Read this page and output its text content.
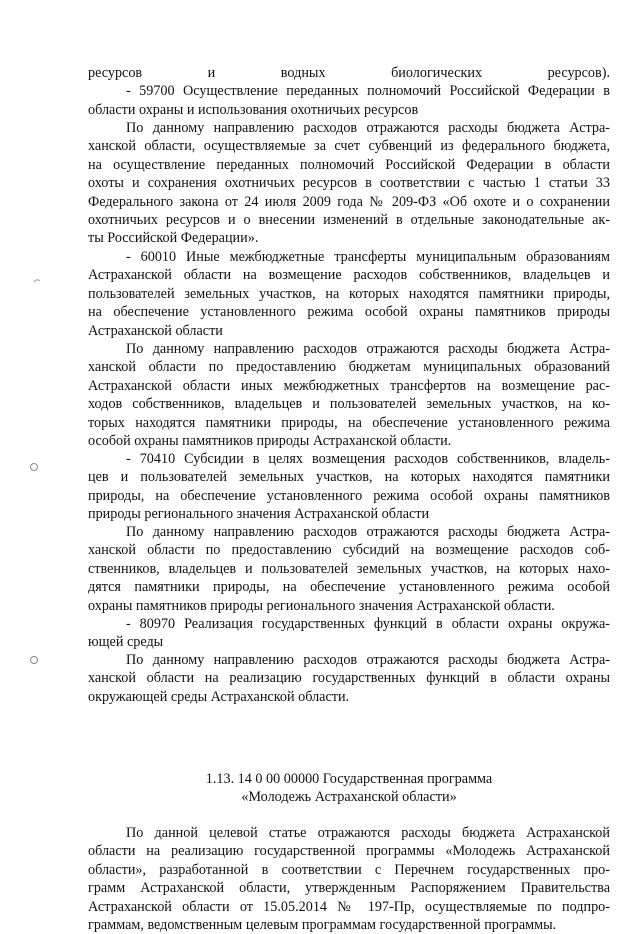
ресурсов и водных биологических ресурсов).
- 59700 Осуществление переданных полномочий Российской Федерации в
области охраны и использования охотничьих ресурсов
По данному направлению расходов отражаются расходы бюджета Астра-
ханской области, осуществляемые за счет субвенций из федерального бюджета,
на осуществление переданных полномочий Российской Федерации в области
охоты и сохранения охотничьих ресурсов в соответствии с частью 1 статьи 33
Федерального закона от 24 июля 2009 года № 209-ФЗ «Об охоте и о сохранении
охотничьих ресурсов и о внесении изменений в отдельные законодательные ак-
ты Российской Федерации».
- 60010 Иные межбюджетные трансферты муниципальным образованиям
Астраханской области на возмещение расходов собственников, владельцев и
пользователей земельных участков, на которых находятся памятники природы,
на обеспечение установленного режима особой охраны памятников природы
Астраханской области
По данному направлению расходов отражаются расходы бюджета Астра-
ханской области по предоставлению бюджетам муниципальных образований
Астраханской области иных межбюджетных трансфертов на возмещение рас-
ходов собственников, владельцев и пользователей земельных участков, на ко-
торых находятся памятники природы, на обеспечение установленного режима
особой охраны памятников природы Астраханской области.
- 70410 Субсидии в целях возмещения расходов собственников, владель-
цев и пользователей земельных участков, на которых находятся памятники
природы, на обеспечение установленного режима особой охраны памятников
природы регионального значения Астраханской области
По данному направлению расходов отражаются расходы бюджета Астра-
ханской области по предоставлению субсидий на возмещение расходов соб-
ственников, владельцев и пользователей земельных участков, на которых нахо-
дятся памятники природы, на обеспечение установленного режима особой
охраны памятников природы регионального значения Астраханской области.
- 80970 Реализация государственных функций в области охраны окружа-
ющей среды
По данному направлению расходов отражаются расходы бюджета Астра-
ханской области на реализацию государственных функций в области охраны
окружающей среды Астраханской области.
По данной целевой статье отражаются расходы бюджета Астраханской
области на реализацию государственной программы «Молодежь Астраханской
области», разработанной в соответствии с Перечнем государственных про-
грамм Астраханской области, утвержденным Распоряжением Правительства
Астраханской области от 15.05.2014 № 197-Пр, осуществляемые по подпро-
граммам, ведомственным целевым программам государственной программы.
1.13. 14 0 00 00000 Государственная программа
«Молодежь Астраханской области»
